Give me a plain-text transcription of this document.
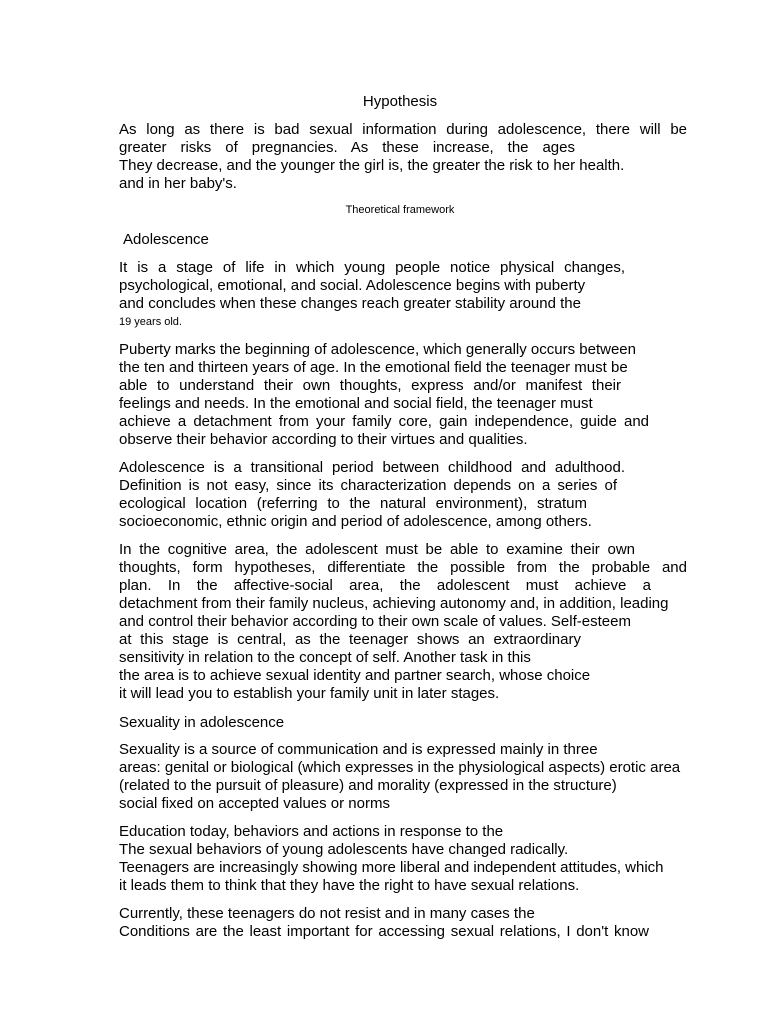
Hypothesis
As long as there is bad sexual information during adolescence, there will be
greater risks of pregnancies. As these increase, the ages
They decrease, and the younger the girl is, the greater the risk to her health.
and in her baby's.
Theoretical framework
Adolescence
It is a stage of life in which young people notice physical changes,
psychological, emotional, and social. Adolescence begins with puberty
and concludes when these changes reach greater stability around the
19 years old.
Puberty marks the beginning of adolescence, which generally occurs between
the ten and thirteen years of age. In the emotional field the teenager must be
able to understand their own thoughts, express and/or manifest their
feelings and needs. In the emotional and social field, the teenager must
achieve a detachment from your family core, gain independence, guide and
observe their behavior according to their virtues and qualities.
Adolescence is a transitional period between childhood and adulthood.
Definition is not easy, since its characterization depends on a series of
ecological location (referring to the natural environment), stratum
socioeconomic, ethnic origin and period of adolescence, among others.
In the cognitive area, the adolescent must be able to examine their own
thoughts, form hypotheses, differentiate the possible from the probable and
plan. In the affective-social area, the adolescent must achieve a
detachment from their family nucleus, achieving autonomy and, in addition, leading
and control their behavior according to their own scale of values. Self-esteem
at this stage is central, as the teenager shows an extraordinary
sensitivity in relation to the concept of self. Another task in this
the area is to achieve sexual identity and partner search, whose choice
it will lead you to establish your family unit in later stages.
Sexuality in adolescence
Sexuality is a source of communication and is expressed mainly in three
areas: genital or biological (which expresses in the physiological aspects) erotic area
(related to the pursuit of pleasure) and morality (expressed in the structure)
social fixed on accepted values or norms
Education today, behaviors and actions in response to the
The sexual behaviors of young adolescents have changed radically.
Teenagers are increasingly showing more liberal and independent attitudes, which
it leads them to think that they have the right to have sexual relations.
Currently, these teenagers do not resist and in many cases the
Conditions are the least important for accessing sexual relations, I don't know
